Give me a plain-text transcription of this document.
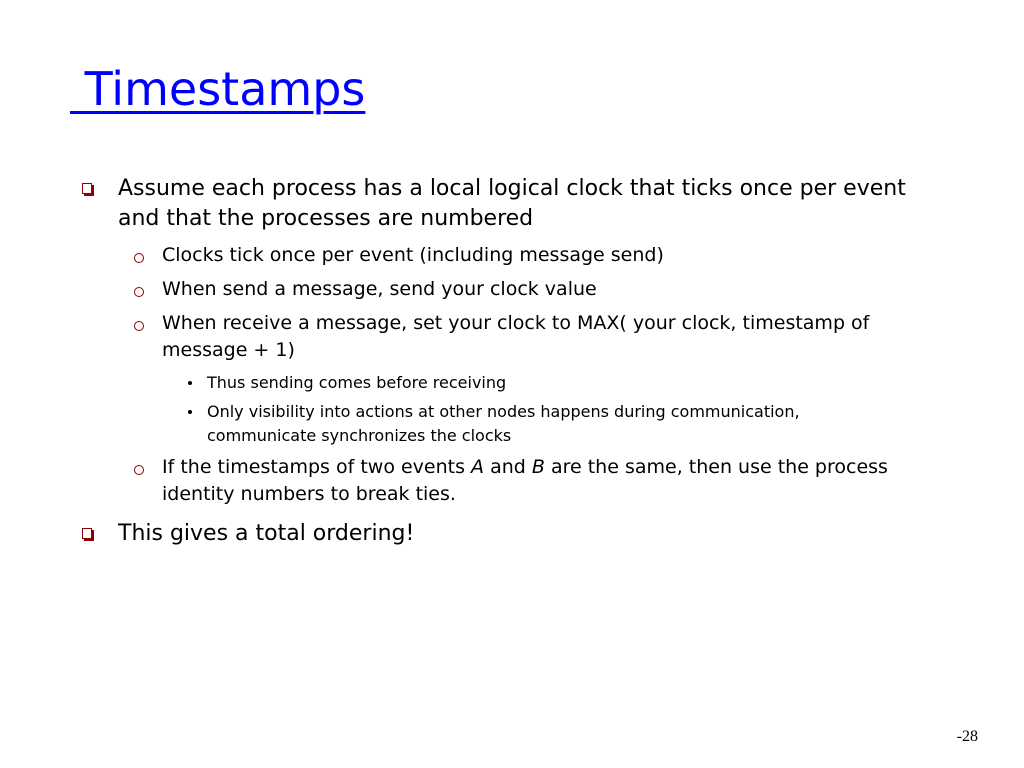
Timestamps
Assume each process has a local logical clock that ticks once per event and that the processes are numbered
Clocks tick once per event (including message send)
When send a message, send your clock value
When receive a message, set your clock to MAX( your clock, timestamp of message + 1)
Thus sending comes before receiving
Only visibility into actions at other nodes happens during communication, communicate synchronizes the clocks
If the timestamps of two events A and B are the same, then use the process identity numbers to break ties.
This gives a total ordering!
-28
